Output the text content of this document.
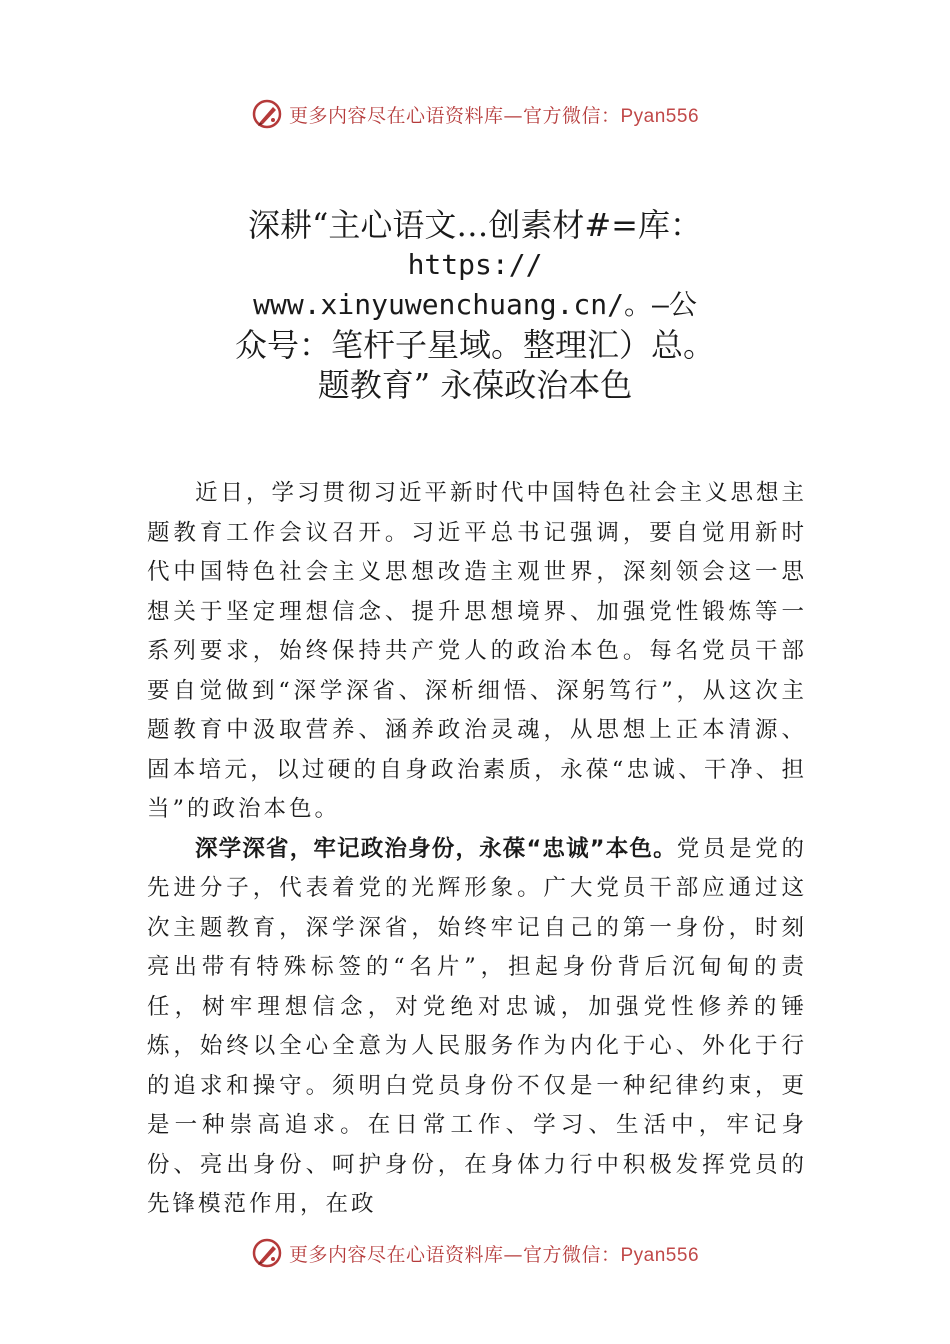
更多内容尽在心语资料库—官方微信：Pyan556
深耕“主心语文…创素材#=库：
https://
www.xinyuwenchuang.cn/。—公
众号：笔杆子星域。整理汇）总。
题教育” 永葆政治本色

近日，学习贯彻习近平新时代中国特色社会主义思想主题教育工作会议召开。习近平总书记强调，要自觉用新时代中国特色社会主义思想改造主观世界，深刻领会这一思想关于坚定理想信念、提升思想境界、加强党性锻炼等一系列要求，始终保持共产党人的政治本色。每名党员干部要自觉做到“深学深省、深析细悟、深躬笃行”，从这次主题教育中汲取营养、涵养政治灵魂，从思想上正本清源、固本培元，以过硬的自身政治素质，永葆“忠诚、干净、担当”的政治本色。

深学深省，牢记政治身份，永葆“忠诚”本色。党员是党的先进分子，代表着党的光辉形象。广大党员干部应通过这次主题教育，深学深省，始终牢记自己的第一身份，时刻亮出带有特殊标签的“名片”，担起身份背后沉甸甸的责任，树牢理想信念，对党绝对忠诚，加强党性修养的锤炼，始终以全心全意为人民服务作为内化于心、外化于行的追求和操守。须明白党员身份不仅是一种纪律约束，更是一种崇高追求。在日常工作、学习、生活中，牢记身份、亮出身份、呵护身份，在身体力行中积极发挥党员的先锋模范作用，在政

更多内容尽在心语资料库—官方微信：Pyan556
